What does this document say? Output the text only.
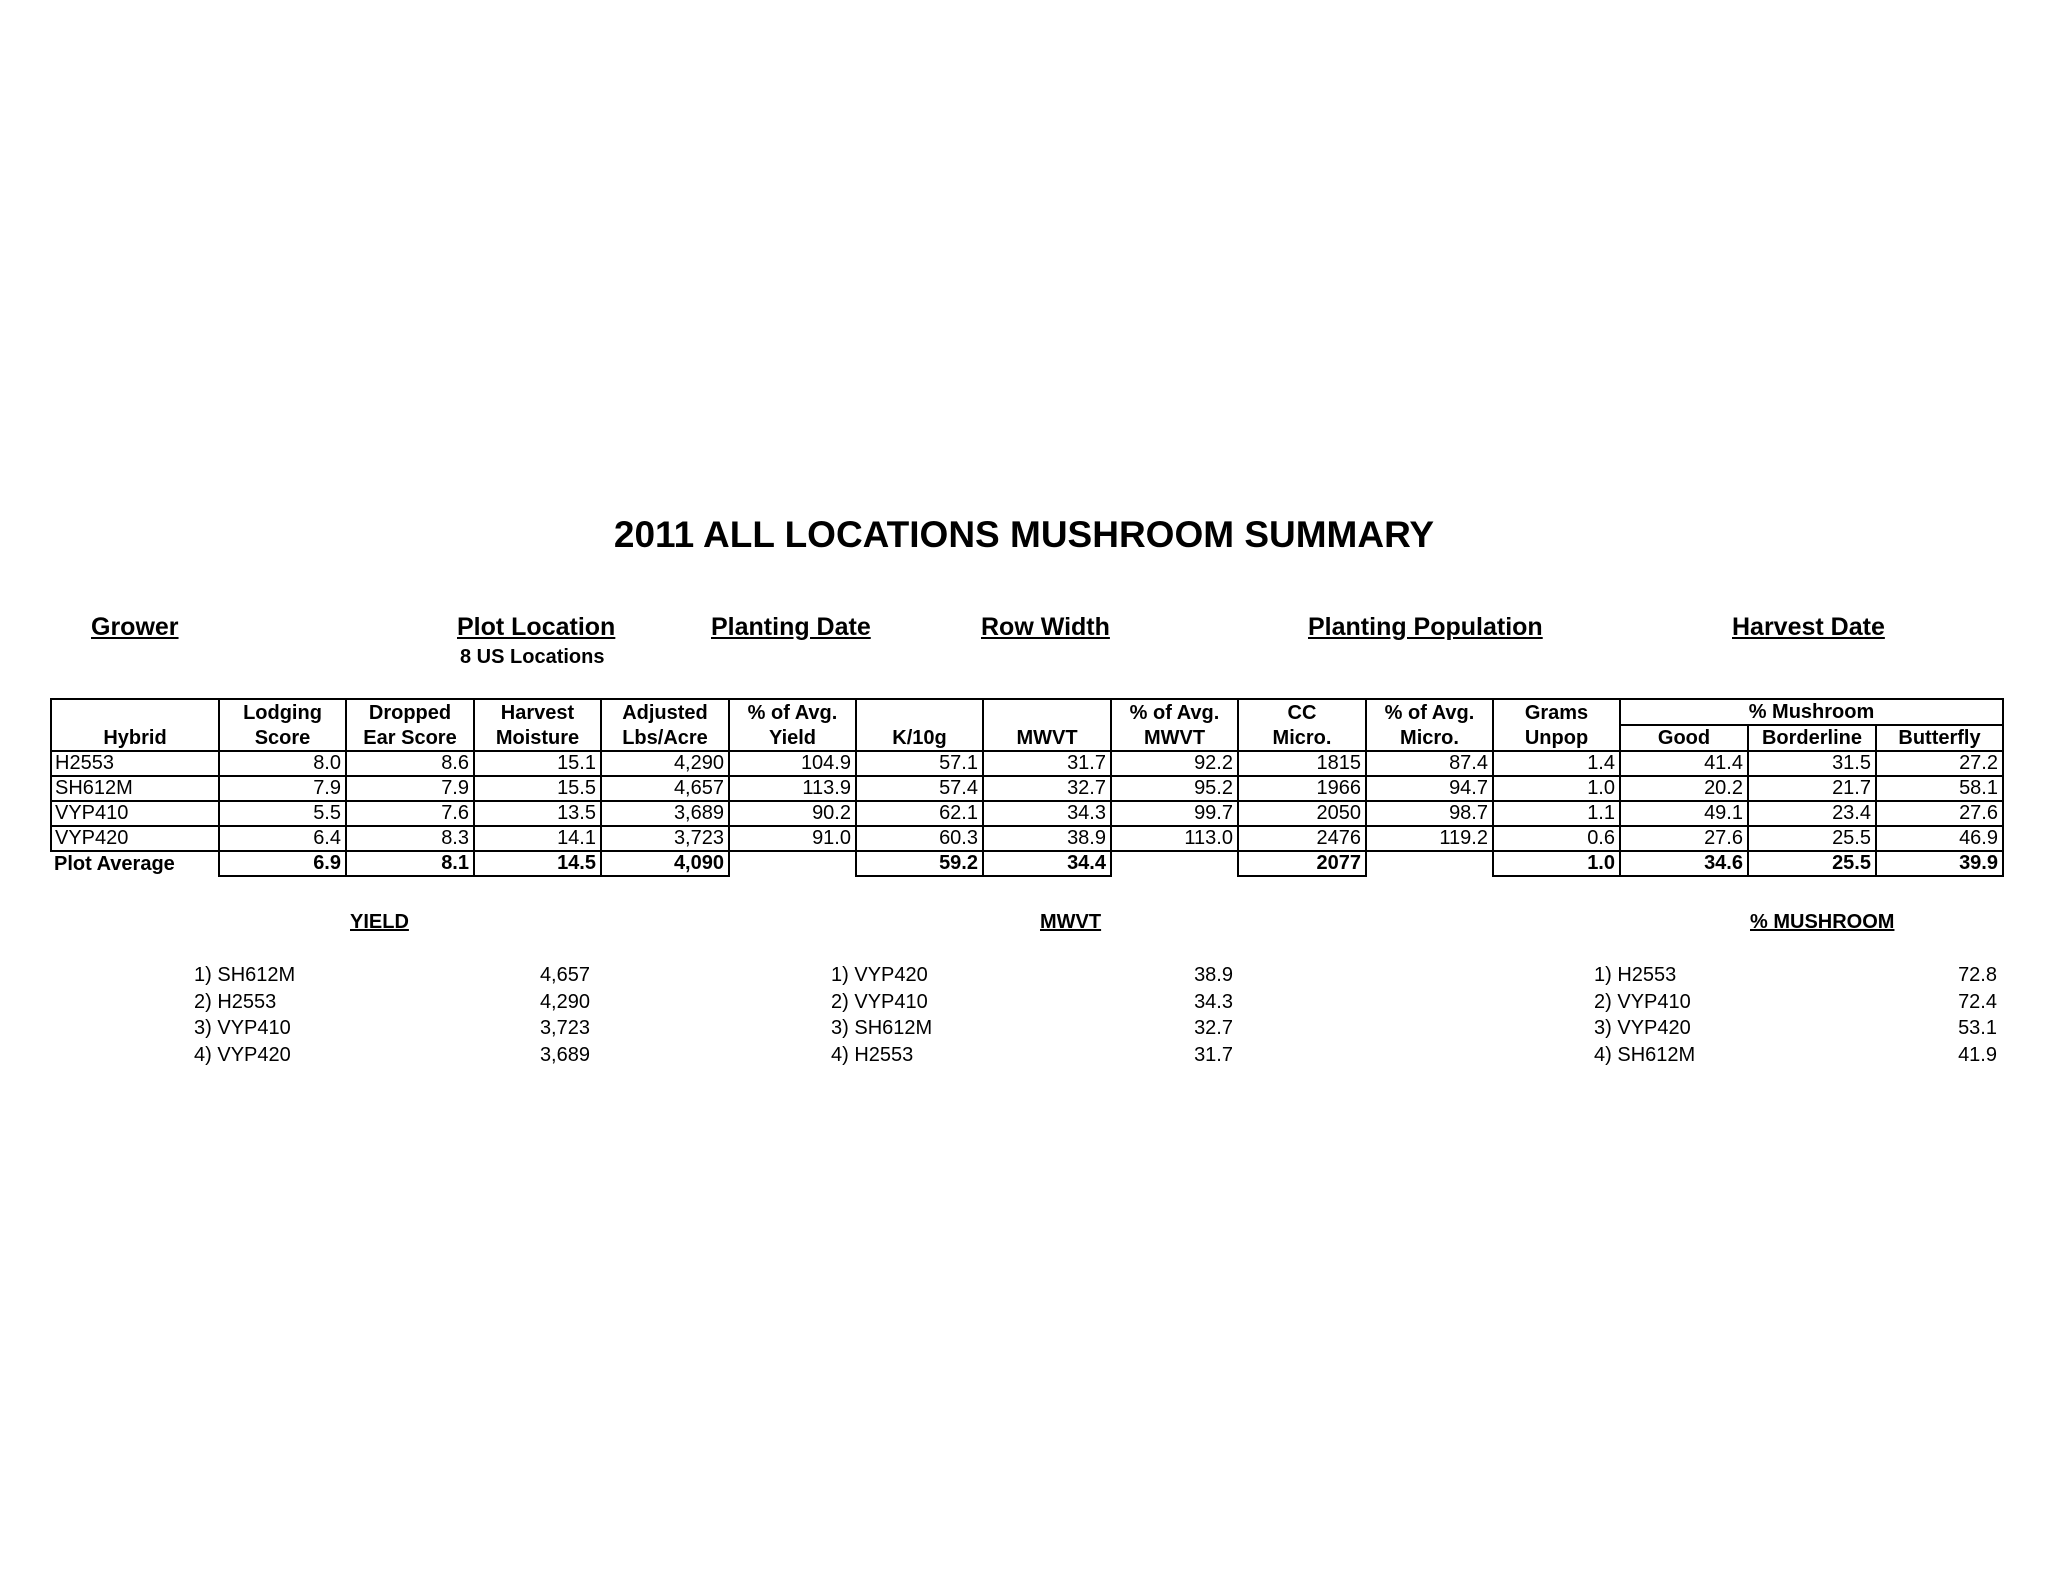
2011 ALL LOCATIONS MUSHROOM SUMMARY
Grower	Plot Location
8 US Locations
Planting Date	Row Width	Planting Population	Harvest Date
	Lodging	Dropped	Harvest	Adjusted	% of Avg.			% of Avg.	CC	% of Avg.	Grams	% Mushroom		
Hybrid	Score	Ear Score	Moisture	Lbs/Acre	Yield	K/10g	MWVT	MWVT	Micro.	Micro.	Unpop	Good	Borderline	Butterfly
H2553	8.0	8.6	15.1	4,290	104.9	57.1	31.7	92.2	1815	87.4	1.4	41.4	31.5	27.2
SH612M	7.9	7.9	15.5	4,657	113.9	57.4	32.7	95.2	1966	94.7	1.0	20.2	21.7	58.1
VYP410	5.5	7.6	13.5	3,689	90.2	62.1	34.3	99.7	2050	98.7	1.1	49.1	23.4	27.6
VYP420	6.4	8.3	14.1	3,723	91.0	60.3	38.9	113.0	2476	119.2	0.6	27.6	25.5	46.9
Plot Average	6.9	8.1	14.5	4,090		59.2	34.4		2077		1.0	34.6	25.5	39.9
YIELD	MWVT	% MUSHROOM
1) SH612M	4,657
2) H2553	4,290
3) VYP410	3,723
4) VYP420	3,689
1) VYP420	38.9
2) VYP410	34.3
3) SH612M	32.7
4) H2553	31.7
1) H2553	72.8
2) VYP410	72.4
3) VYP420	53.1
4) SH612M	41.9
